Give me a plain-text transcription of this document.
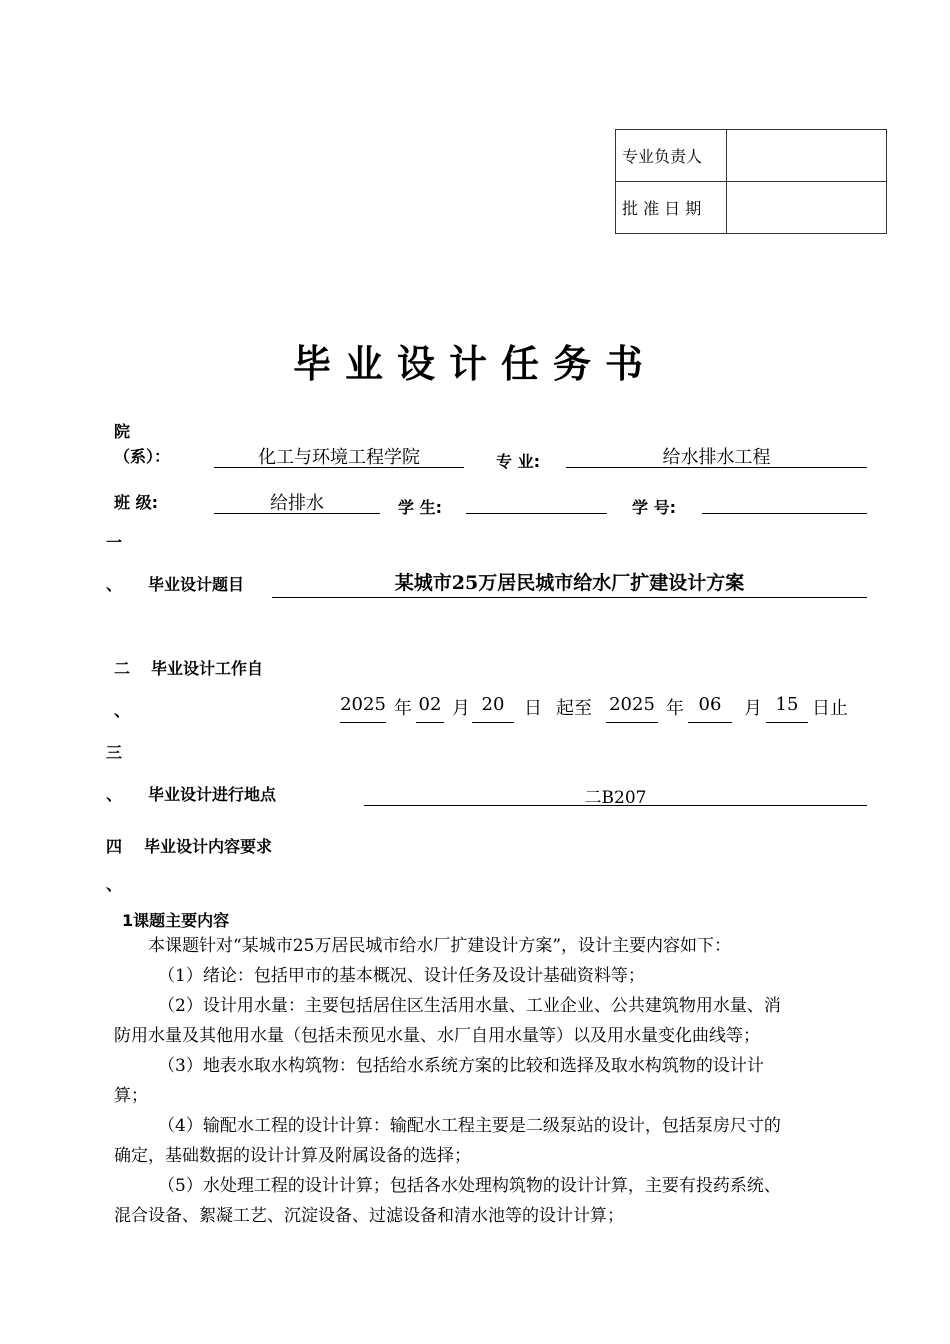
专业负责人	
批 准 日 期	
毕业设计任务书
院
（系）：	化工与环境工程学院	专 业:	给水排水工程
班 级:	给排水	学 生:	学 号:
一
、 毕业设计题目	某城市25万居民城市给水厂扩建设计方案
二 毕业设计工作自
、	2025 年 02 月 20	日 起至 2025 年 06	月 15 日止
三
、 毕业设计进行地点	二B207
四 毕业设计内容要求
、
1课题主要内容
本课题针对“某城市25万居民城市给水厂扩建设计方案”，设计主要内容如下：
（1）绪论：包括甲市的基本概况、设计任务及设计基础资料等；
（2）设计用水量：主要包括居住区生活用水量、工业企业、公共建筑物用水量、消
防用水量及其他用水量（包括未预见水量、水厂自用水量等）以及用水量变化曲线等；
（3）地表水取水构筑物：包括给水系统方案的比较和选择及取水构筑物的设计计
算；
（4）输配水工程的设计计算：输配水工程主要是二级泵站的设计，包括泵房尺寸的
确定，基础数据的设计计算及附属设备的选择；
（5）水处理工程的设计计算；包括各水处理构筑物的设计计算，主要有投药系统、
混合设备、絮凝工艺、沉淀设备、过滤设备和清水池等的设计计算；
